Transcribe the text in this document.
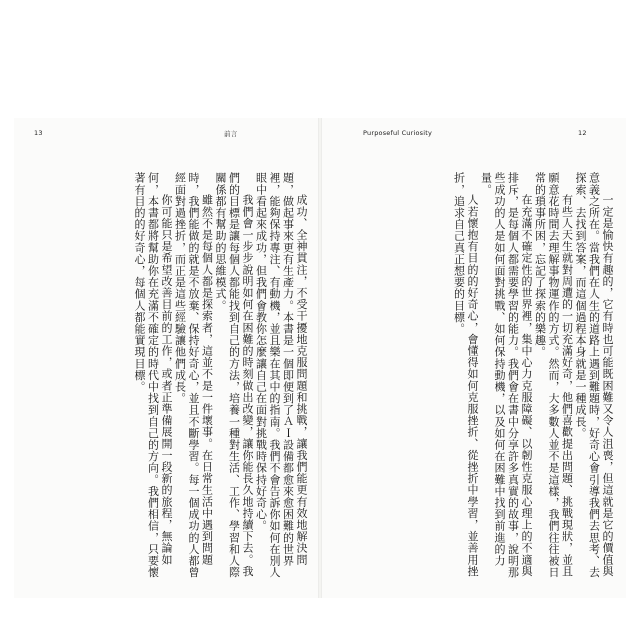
13	前言	Purposeful Curiosity	12

成功、全神貫注，不受干擾地克服問題和挑戰，讓我們能更有效地解決問題，做起事來更有生產力。本書是一個即便到了ＡＩ設備都愈來愈困難的世界裡，能夠保持專注、有動機，並且樂在其中的指南。我們不會告訴你如何在別人眼中看起來成功，但我們會教你怎麼讓自己在面對挑戰時保持好奇心。

我們會一步步說明如何在困難的時刻做出改變，讓你能長久地持續下去。我們的目標是讓每個人都能找到自己的方法，培養一種對生活、工作、學習和人際關係都有幫助的思維模式。

雖然不是每個人都是探索者，這並不是一件壞事。在日常生活中遇到問題時，我們能做的就是不放棄、保持好奇心，並且不斷學習。每一個成功的人都曾經面對過挫折，而正是這些經驗讓他們成長。

你可能只是希望改善目前的工作，或者正準備展開一段新的旅程，無論如何，本書都將幫助你在充滿不確定的時代中找到自己的方向。我們相信，只要懷著有目的的好奇心，每個人都能實現目標。	一定是愉快有趣的，它有時也可能既困難又令人沮喪，但這就是它的價值與意義之所在。當我們在人生的道路上遇到難題時，好奇心會引導我們去思考、去探索、去找到答案，而這個過程本身就是一種成長。

有些人天生就對周遭的一切充滿好奇，他們喜歡提出問題、挑戰現狀，並且願意花時間去理解事物運作的方式。然而，大多數人並不是這樣，我們往往被日常的瑣事所困，忘記了探索的樂趣。

在充滿不確定性的世界裡，集中心力克服障礙、以韌性克服心理上的不適與排斥，是每個人都需要學習的能力。我們會在書中分享許多真實的故事，說明那些成功的人是如何面對挑戰、如何保持動機，以及如何在困難中找到前進的力量。

人若懷抱有目的的好奇心，會懂得如何克服挫折、從挫折中學習，並善用挫折，追求自己真正想要的目標。
